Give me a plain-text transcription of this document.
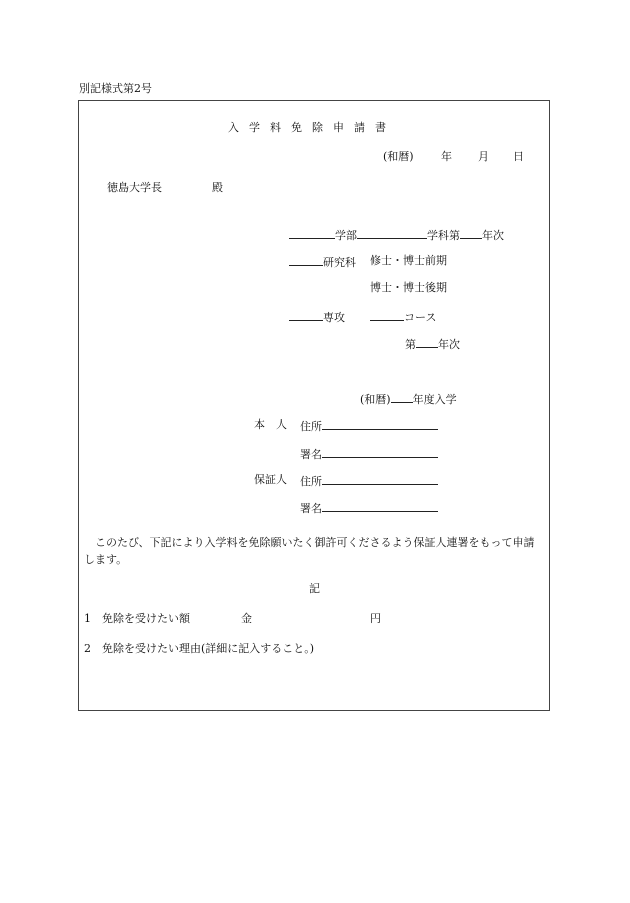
別記様式第2号
入学料免除申請書
(和暦) 年 月 日
徳島大学長	殿
学部	学科第 年次
研究科 修士・博士前期
博士・博士後期
専攻	コース
第 年次
(和暦) 年度入学
本　人 住所
署名
保証人 住所
署名
このたび、下記により入学料を免除願いたく御許可くださるよう保証人連署をもって申請します。
記
1 免除を受けたい額	金	円
2 免除を受けたい理由(詳細に記入すること。)
